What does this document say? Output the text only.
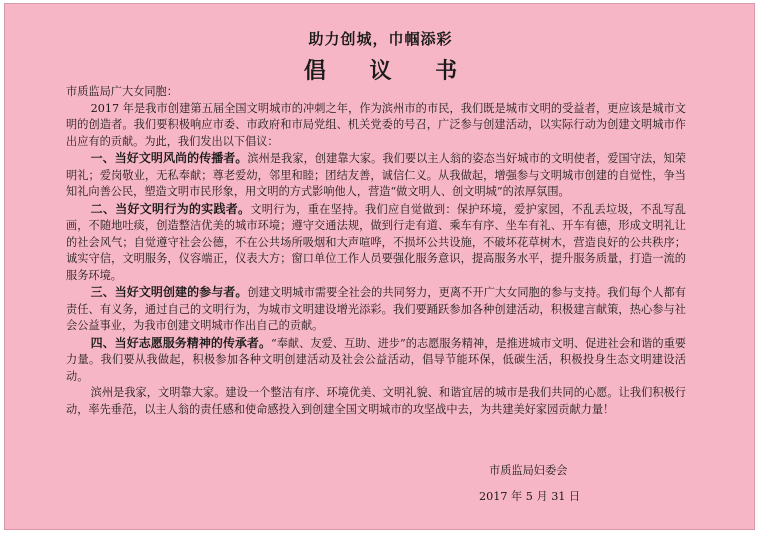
助力创城，巾帼添彩
倡 议 书

市质监局广大女同胞：

2017 年是我市创建第五届全国文明城市的冲刺之年，作为滨州市的市民，我们既是城市文明的受益者，更应该是城市文明的创造者。我们要积极响应市委、市政府和市局党组、机关党委的号召，广泛参与创建活动，以实际行动为创建文明城市作出应有的贡献。为此，我们发出以下倡议：

一、当好文明风尚的传播者。滨州是我家，创建靠大家。我们要以主人翁的姿态当好城市的文明使者，爱国守法，知荣明礼；爱岗敬业，无私奉献；尊老爱幼，邻里和睦；团结友善，诚信仁义。从我做起，增强参与文明城市创建的自觉性，争当知礼向善公民，塑造文明市民形象，用文明的方式影响他人，营造“做文明人、创文明城”的浓厚氛围。

二、当好文明行为的实践者。文明行为，重在坚持。我们应自觉做到：保护环境，爱护家园，不乱丢垃圾，不乱写乱画，不随地吐痰，创造整洁优美的城市环境；遵守交通法规，做到行走有道、乘车有序、坐车有礼、开车有德，形成文明礼让的社会风气；自觉遵守社会公德，不在公共场所吸烟和大声喧哗，不损坏公共设施，不破坏花草树木，营造良好的公共秩序；诚实守信，文明服务，仪容端正，仪表大方；窗口单位工作人员要强化服务意识，提高服务水平，提升服务质量，打造一流的服务环境。

三、当好文明创建的参与者。创建文明城市需要全社会的共同努力，更离不开广大女同胞的参与支持。我们每个人都有责任、有义务，通过自己的文明行为，为城市文明建设增光添彩。我们要踊跃参加各种创建活动，积极建言献策，热心参与社会公益事业，为我市创建文明城市作出自己的贡献。

四、当好志愿服务精神的传承者。“奉献、友爱、互助、进步”的志愿服务精神，是推进城市文明、促进社会和谐的重要力量。我们要从我做起，积极参加各种文明创建活动及社会公益活动，倡导节能环保，低碳生活，积极投身生态文明建设活动。

滨州是我家，文明靠大家。建设一个整洁有序、环境优美、文明礼貌、和谐宜居的城市是我们共同的心愿。让我们积极行动，率先垂范，以主人翁的责任感和使命感投入到创建全国文明城市的攻坚战中去，为共建美好家园贡献力量！

市质监局妇委会
2017 年 5 月 31 日
